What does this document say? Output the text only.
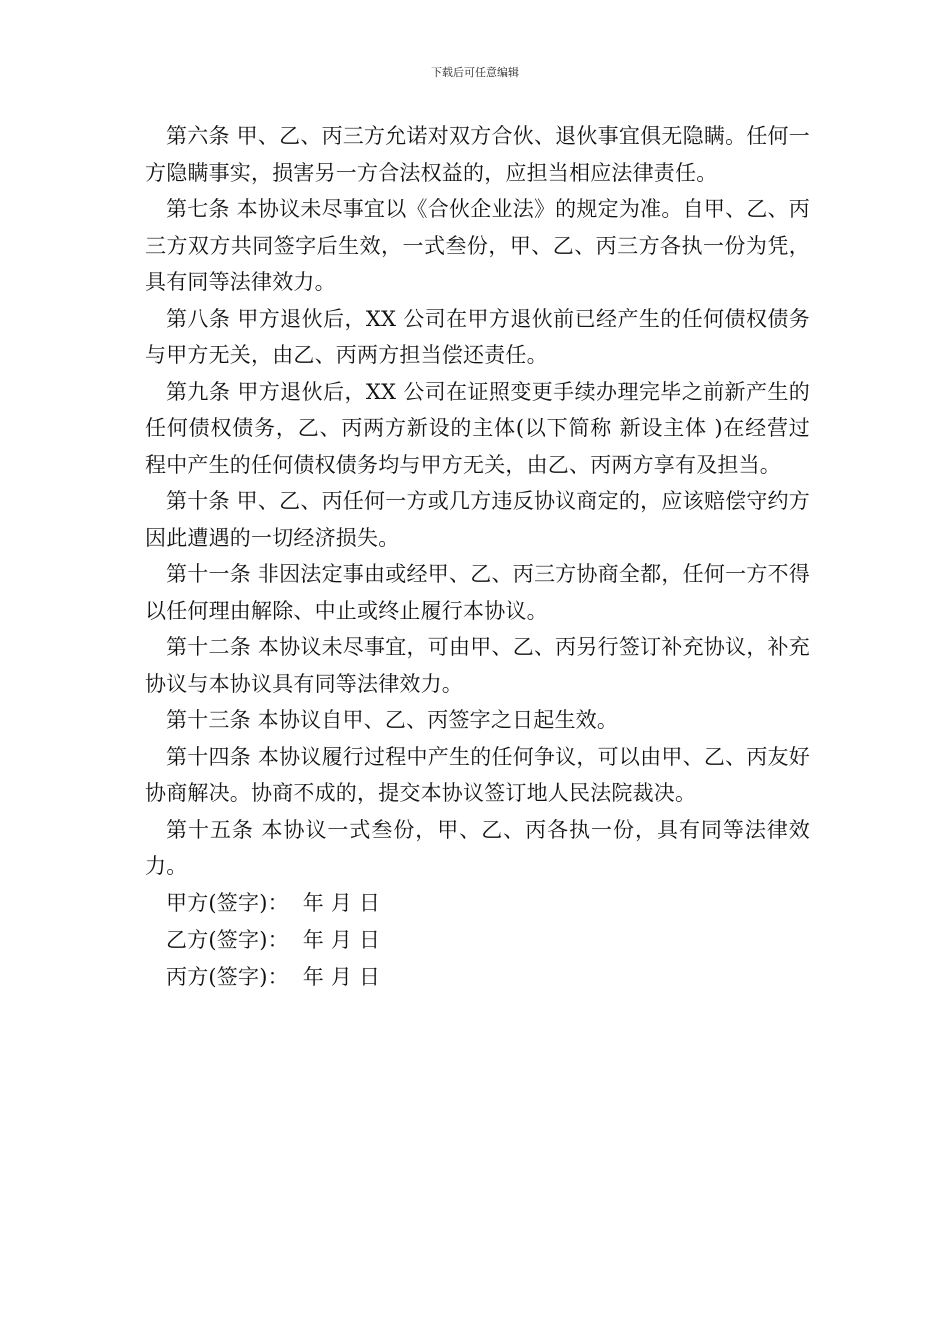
下载后可任意编辑

第六条 甲、乙、丙三方允诺对双方合伙、退伙事宜俱无隐瞒。任何一方隐瞒事实，损害另一方合法权益的，应担当相应法律责任。

第七条 本协议未尽事宜以《合伙企业法》的规定为准。自甲、乙、丙三方双方共同签字后生效，一式叁份，甲、乙、丙三方各执一份为凭，具有同等法律效力。

第八条 甲方退伙后，XX 公司在甲方退伙前已经产生的任何债权债务与甲方无关，由乙、丙两方担当偿还责任。

第九条 甲方退伙后，XX 公司在证照变更手续办理完毕之前新产生的任何债权债务，乙、丙两方新设的主体(以下简称 新设主体 )在经营过程中产生的任何债权债务均与甲方无关，由乙、丙两方享有及担当。

第十条 甲、乙、丙任何一方或几方违反协议商定的，应该赔偿守约方因此遭遇的一切经济损失。

第十一条 非因法定事由或经甲、乙、丙三方协商全都，任何一方不得以任何理由解除、中止或终止履行本协议。

第十二条 本协议未尽事宜，可由甲、乙、丙另行签订补充协议，补充协议与本协议具有同等法律效力。

第十三条 本协议自甲、乙、丙签字之日起生效。

第十四条 本协议履行过程中产生的任何争议，可以由甲、乙、丙友好协商解决。协商不成的，提交本协议签订地人民法院裁决。

第十五条 本协议一式叁份，甲、乙、丙各执一份，具有同等法律效力。

甲方(签字)： 年 月 日

乙方(签字)： 年 月 日

丙方(签字)： 年 月 日
